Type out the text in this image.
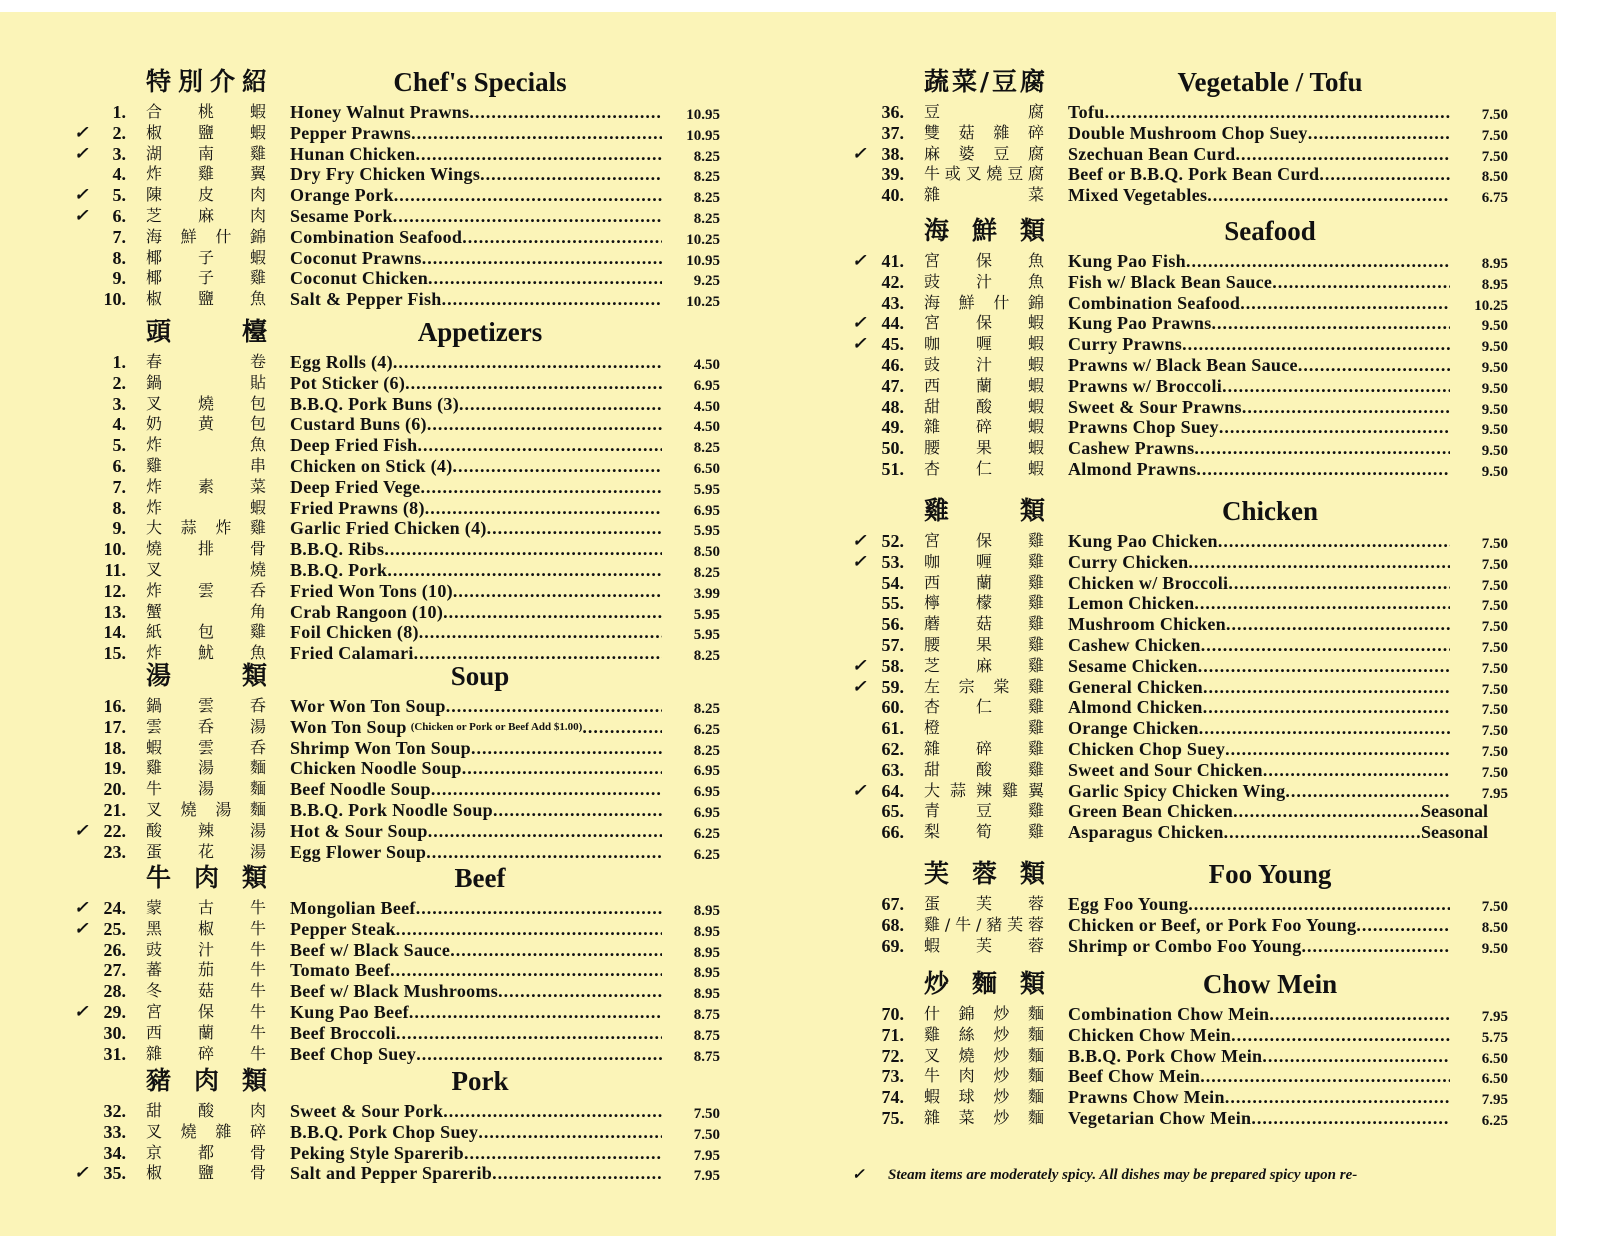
特別介紹	Chef's Specials
1. 合桃蝦 Honey Walnut Prawns .....	10.95
✓	2. 椒鹽蝦 Pepper Prawns .....	10.95
✓	3. 湖南雞 Hunan Chicken .....	8.25
4. 炸雞翼 Dry Fry Chicken Wings .....	8.25
✓	5. 陳皮肉 Orange Pork .....	8.25
✓	6. 芝麻肉 Sesame Pork .....	8.25
7. 海鮮什錦 Combination Seafood .....	10.25
8. 椰子蝦 Coconut Prawns .....	10.95
9. 椰子雞 Coconut Chicken .....	9.25
10. 椒鹽魚 Salt & Pepper Fish .....	10.25
頭檯	Appetizers
1. 春卷 Egg Rolls (4) .....	4.50
2. 鍋貼 Pot Sticker (6) .....	6.95
3. 叉燒包 B.B.Q. Pork Buns (3) .....	4.50
4. 奶黄包 Custard Buns (6) .....	4.50
5. 炸魚 Deep Fried Fish .....	8.25
6. 雞串 Chicken on Stick (4) .....	6.50
7. 炸素菜 Deep Fried Vege .....	5.95
8. 炸蝦 Fried Prawns (8) .....	6.95
9. 大蒜炸雞 Garlic Fried Chicken (4) .....	5.95
10. 燒排骨 B.B.Q. Ribs .....	8.50
11. 叉燒 B.B.Q. Pork .....	8.25
12. 炸雲呑 Fried Won Tons (10) .....	3.99
13. 蟹角 Crab Rangoon (10) .....	5.95
14. 紙包雞 Foil Chicken (8) .....	5.95
15. 炸魷魚 Fried Calamari .....	8.25
湯類	Soup
16. 鍋雲呑 Wor Won Ton Soup .....	8.25
17. 雲呑湯 Won Ton Soup (Chicken or Pork or Beef Add $1.00) .....	6.25
18. 蝦雲呑 Shrimp Won Ton Soup .....	8.25
19. 雞湯麵 Chicken Noodle Soup .....	6.95
20. 牛湯麵 Beef Noodle Soup .....	6.95
21. 叉燒湯麵 B.B.Q. Pork Noodle Soup .....	6.95
✓ 22. 酸辣湯 Hot & Sour Soup .....	6.25
23. 蛋花湯 Egg Flower Soup .....	6.25
牛肉類	Beef
✓ 24. 蒙古牛 Mongolian Beef .....	8.95
✓ 25. 黑椒牛 Pepper Steak .....	8.95
26. 豉汁牛 Beef w/ Black Sauce .....	8.95
27. 蕃茄牛 Tomato Beef .....	8.95
28. 冬菇牛 Beef w/ Black Mushrooms .....	8.95
✓ 29. 宮保牛 Kung Pao Beef .....	8.75
30. 西蘭牛 Beef Broccoli .....	8.75
31. 雜碎牛 Beef Chop Suey .....	8.75
豬肉類	Pork
32. 甜酸肉 Sweet & Sour Pork .....	7.50
33. 叉燒雜碎 B.B.Q. Pork Chop Suey .....	7.50
34. 京都骨 Peking Style Sparerib .....	7.95
✓ 35. 椒鹽骨 Salt and Pepper Sparerib .....	7.95
蔬菜/豆腐	Vegetable / Tofu
36. 豆腐 Tofu .....	7.50
37. 雙菇雜碎 Double Mushroom Chop Suey .....	7.50
✓ 38. 麻婆豆腐 Szechuan Bean Curd .....	7.50
39. 牛或叉燒豆腐 Beef or B.B.Q. Pork Bean Curd .....	8.50
40. 雜菜 Mixed Vegetables .....	6.75
海鮮類	Seafood
✓ 41. 宮保魚 Kung Pao Fish .....	8.95
42. 豉汁魚 Fish w/ Black Bean Sauce .....	8.95
43. 海鮮什錦 Combination Seafood .....	10.25
✓ 44. 宮保蝦 Kung Pao Prawns .....	9.50
✓ 45. 咖喱蝦 Curry Prawns .....	9.50
46. 豉汁蝦 Prawns w/ Black Bean Sauce .....	9.50
47. 西蘭蝦 Prawns w/ Broccoli .....	9.50
48. 甜酸蝦 Sweet & Sour Prawns .....	9.50
49. 雜碎蝦 Prawns Chop Suey .....	9.50
50. 腰果蝦 Cashew Prawns .....	9.50
51. 杏仁蝦 Almond Prawns .....	9.50
雞類	Chicken
✓ 52. 宮保雞 Kung Pao Chicken .....	7.50
✓ 53. 咖喱雞 Curry Chicken .....	7.50
54. 西蘭雞 Chicken w/ Broccoli .....	7.50
55. 檸檬雞 Lemon Chicken .....	7.50
56. 蘑菇雞 Mushroom Chicken .....	7.50
57. 腰果雞 Cashew Chicken .....	7.50
✓ 58. 芝麻雞 Sesame Chicken .....	7.50
✓ 59. 左宗棠雞 General Chicken .....	7.50
60. 杏仁雞 Almond Chicken .....	7.50
61. 橙雞 Orange Chicken .....	7.50
62. 雜碎雞 Chicken Chop Suey .....	7.50
63. 甜酸雞 Sweet and Sour Chicken .....	7.50
✓ 64. 大蒜辣雞翼 Garlic Spicy Chicken Wing .....	7.95
65. 青豆雞 Green Bean Chicken .....	Seasonal
66. 梨筍雞 Asparagus Chicken .....	Seasonal
芙蓉類	Foo Young
67. 蛋芙蓉 Egg Foo Young .....	7.50
68. 雞/牛/豬芙蓉 Chicken or Beef, or Pork Foo Young .....	8.50
69. 蝦芙蓉 Shrimp or Combo Foo Young .....	9.50
炒麵類	Chow Mein
70. 什錦炒麵 Combination Chow Mein .....	7.95
71. 雞絲炒麵 Chicken Chow Mein .....	5.75
72. 叉燒炒麵 B.B.Q. Pork Chow Mein .....	6.50
73. 牛肉炒麵 Beef Chow Mein .....	6.50
74. 蝦球炒麵 Prawns Chow Mein .....	7.95
75. 雜菜炒麵 Vegetarian Chow Mein .....	6.25
✓ Steam items are moderately spicy. All dishes may be prepared spicy upon re-
